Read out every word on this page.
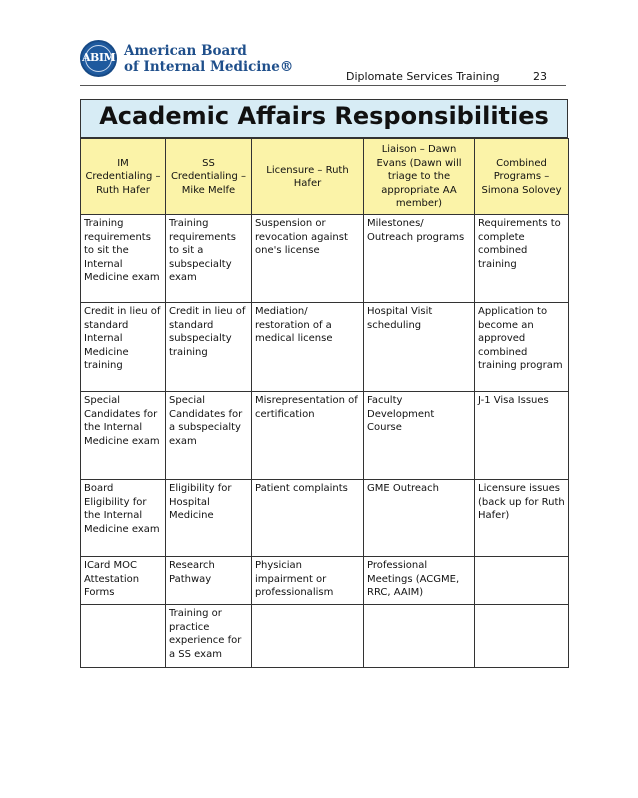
ABIM American Board
of Internal Medicine®
Diplomate Services Training	23
Academic Affairs Responsibilities
IM Credentialing – Ruth Hafer	SS Credentialing – Mike Melfe	Licensure – Ruth Hafer	Liaison – Dawn Evans (Dawn will triage to the appropriate AA member)	Combined Programs – Simona Solovey
Training requirements to sit the Internal Medicine exam	Training requirements to sit a subspecialty exam	Suspension or revocation against one's license	Milestones/ Outreach programs	Requirements to complete combined training
Credit in lieu of standard Internal Medicine training	Credit in lieu of standard subspecialty training	Mediation/ restoration of a medical license	Hospital Visit scheduling	Application to become an approved combined training program
Special Candidates for the Internal Medicine exam	Special Candidates for a subspecialty exam	Misrepresentation of certification	Faculty Development Course	J-1 Visa Issues
Board Eligibility for the Internal Medicine exam	Eligibility for Hospital Medicine	Patient complaints	GME Outreach	Licensure issues (back up for Ruth Hafer)
ICard MOC Attestation Forms	Research Pathway	Physician impairment or professionalism	Professional Meetings (ACGME, RRC, AAIM)	
	Training or practice experience for a SS exam			
